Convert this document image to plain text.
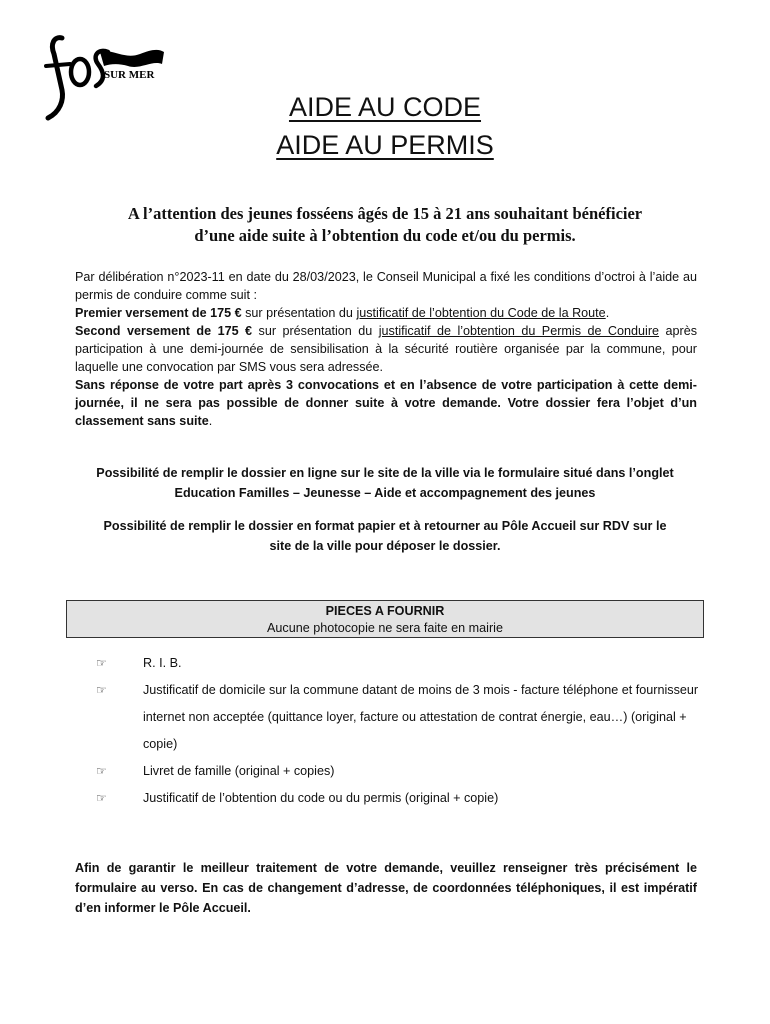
SUR MER
AIDE AU CODE
AIDE AU PERMIS
A l’attention des jeunes fosséens âgés de 15 à 21 ans souhaitant bénéficier
d’une aide suite à l’obtention du code et/ou du permis.

Par délibération n°2023-11 en date du 28/03/2023, le Conseil Municipal a fixé les conditions d’octroi à l’aide au permis de conduire comme suit :

Premier versement de 175 € sur présentation du justificatif de l’obtention du Code de la Route.

Second versement de 175 € sur présentation du justificatif de l’obtention du Permis de Conduire après participation à une demi-journée de sensibilisation à la sécurité routière organisée par la commune, pour laquelle une convocation par SMS vous sera adressée.

Sans réponse de votre part après 3 convocations et en l’absence de votre participation à cette demi-journée, il ne sera pas possible de donner suite à votre demande. Votre dossier fera l’objet d’un classement sans suite.

Possibilité de remplir le dossier en ligne sur le site de la ville via le formulaire situé dans l’onglet
Education Familles – Jeunesse – Aide et accompagnement des jeunes
Possibilité de remplir le dossier en format papier et à retourner au Pôle Accueil sur RDV sur le
site de la ville pour déposer le dossier.
PIECES A FOURNIR
Aucune photocopie ne sera faite en mairie
☞	R. I. B.
☞	Justificatif de domicile sur la commune datant de moins de 3 mois - facture téléphone et fournisseur internet non acceptée (quittance loyer, facture ou attestation de contrat énergie, eau…) (original + copie)
☞	Livret de famille (original + copies)
☞	Justificatif de l’obtention du code ou du permis (original + copie)
Afin de garantir le meilleur traitement de votre demande, veuillez renseigner très précisément le formulaire au verso. En cas de changement d’adresse, de coordonnées téléphoniques, il est impératif d’en informer le Pôle Accueil.
